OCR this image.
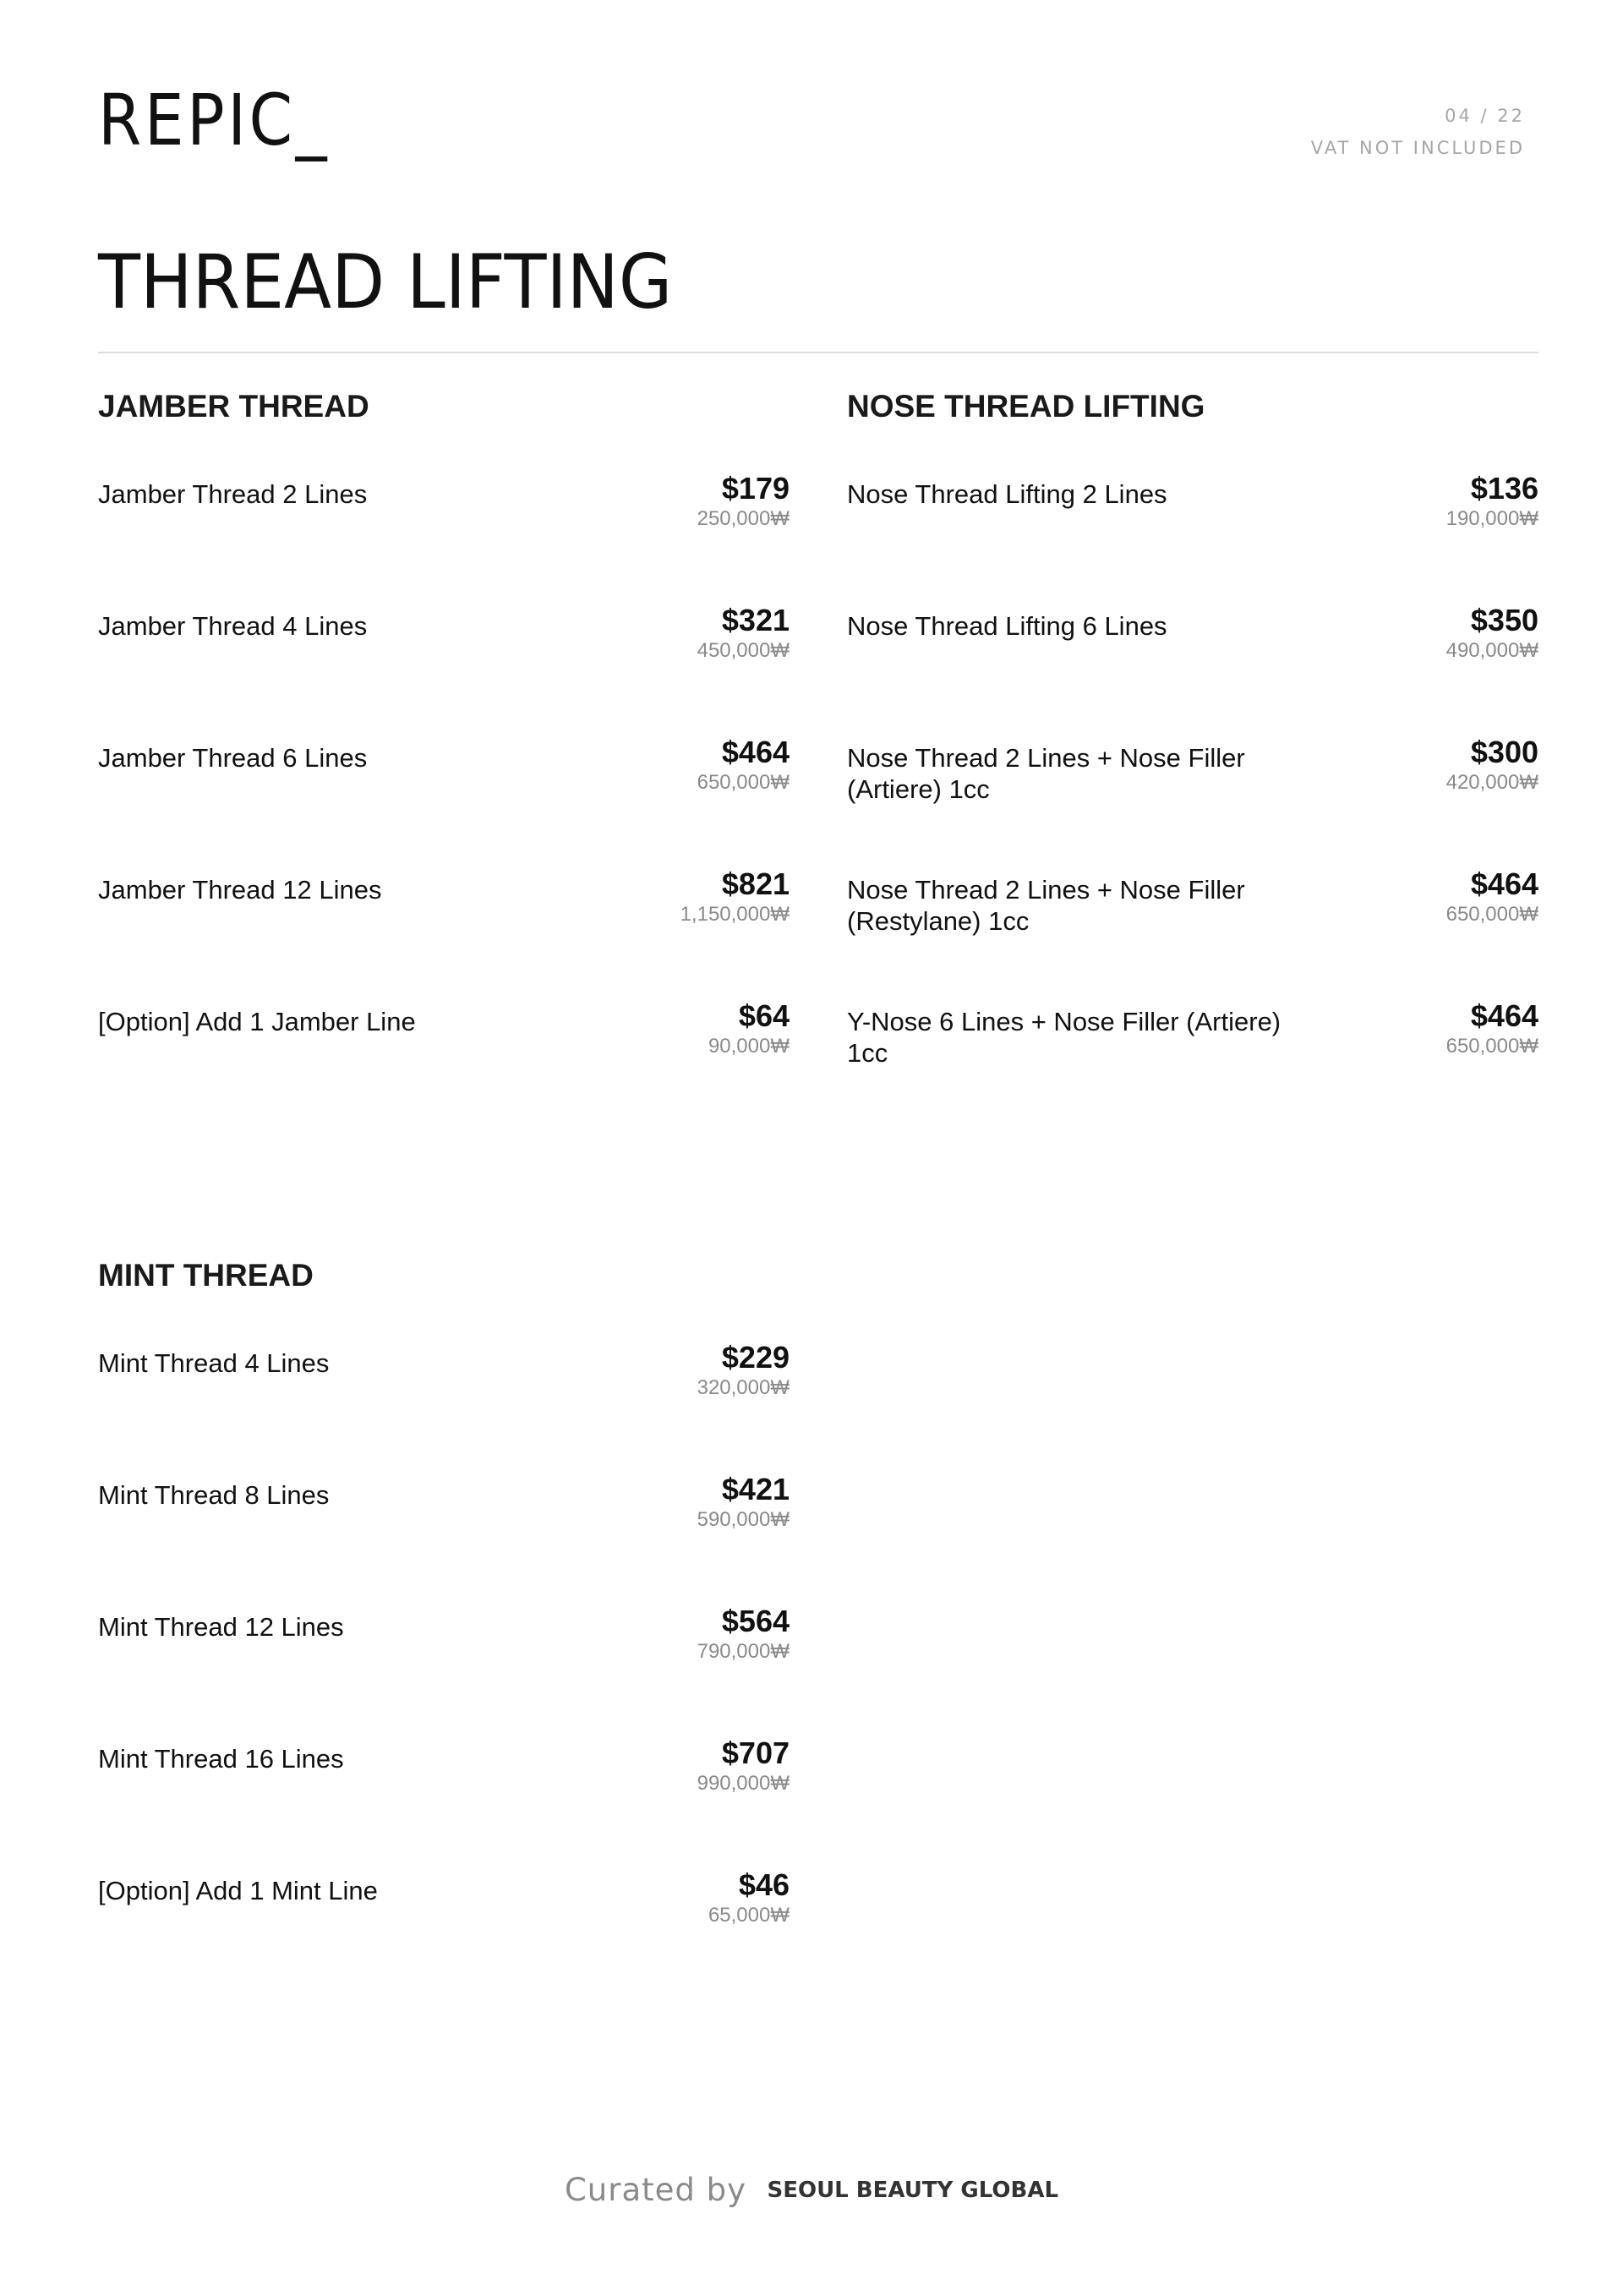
REPIC_	04 / 22
VAT NOT INCLUDED
THREAD LIFTING
JAMBER THREAD
Jamber Thread 2 Lines	$179
250,000₩
Jamber Thread 4 Lines	$321
450,000₩
Jamber Thread 6 Lines	$464
650,000₩
Jamber Thread 12 Lines	$821
1,150,000₩
[Option] Add 1 Jamber Line	$64
90,000₩
NOSE THREAD LIFTING
Nose Thread Lifting 2 Lines	$136
190,000₩
Nose Thread Lifting 6 Lines	$350
490,000₩
Nose Thread 2 Lines + Nose Filler (Artiere) 1cc
$300
420,000₩
Nose Thread 2 Lines + Nose Filler (Restylane) 1cc
$464
650,000₩
Y-Nose 6 Lines + Nose Filler (Artiere) 1cc
$464
650,000₩
MINT THREAD
Mint Thread 4 Lines	$229
320,000₩
Mint Thread 8 Lines	$421
590,000₩
Mint Thread 12 Lines	$564
790,000₩
Mint Thread 16 Lines	$707
990,000₩
[Option] Add 1 Mint Line	$46
65,000₩
Curated by SEOUL BEAUTY GLOBAL
